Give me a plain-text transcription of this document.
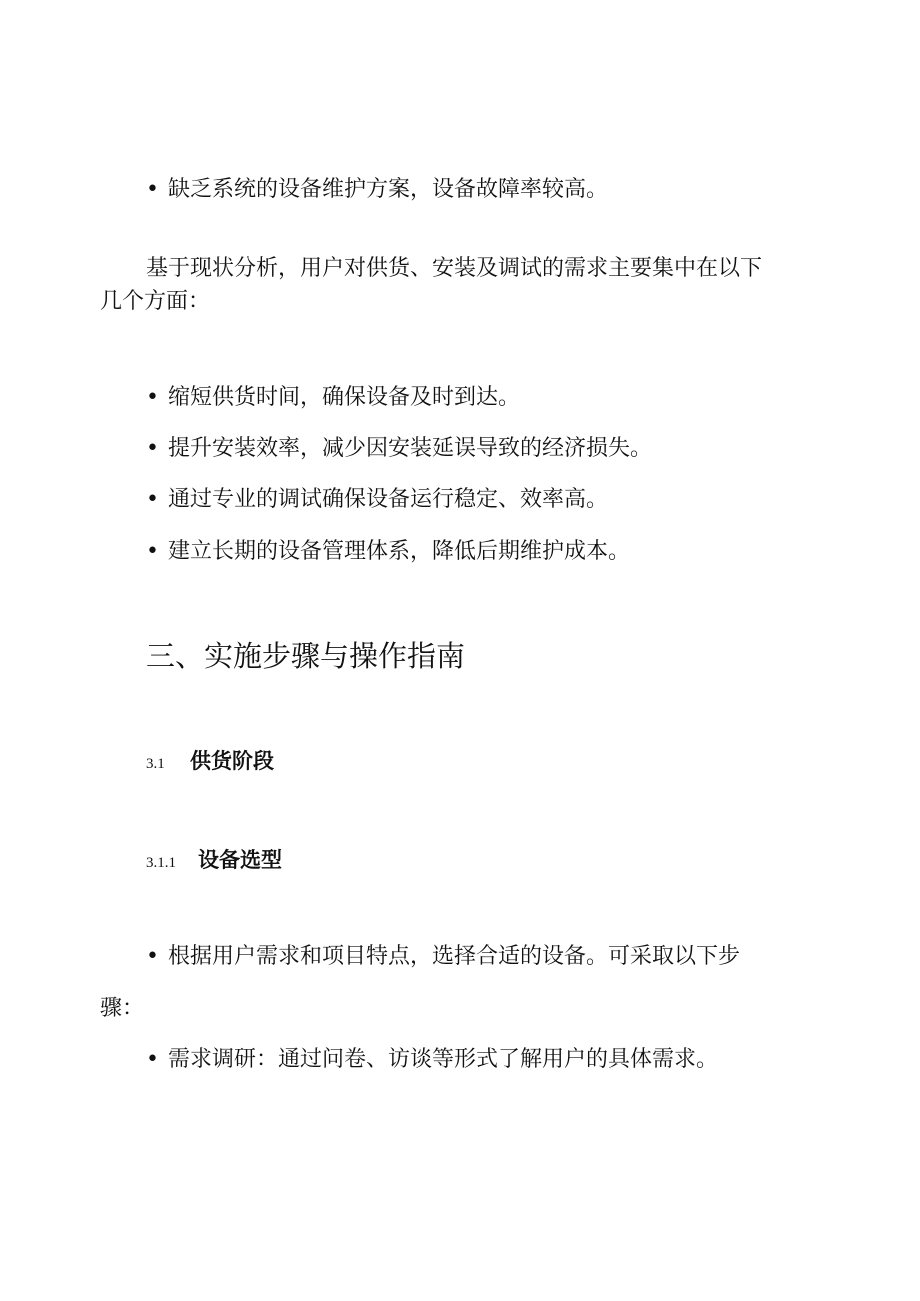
• 缺乏系统的设备维护方案，设备故障率较高。
基于现状分析，用户对供货、安装及调试的需求主要集中在以下
几个方面：
• 缩短供货时间，确保设备及时到达。
• 提升安装效率，减少因安装延误导致的经济损失。
• 通过专业的调试确保设备运行稳定、效率高。
• 建立长期的设备管理体系，降低后期维护成本。
三、实施步骤与操作指南
3.1 供货阶段
3.1.1 设备选型
• 根据用户需求和项目特点，选择合适的设备。可采取以下步
骤：
• 需求调研：通过问卷、访谈等形式了解用户的具体需求。
